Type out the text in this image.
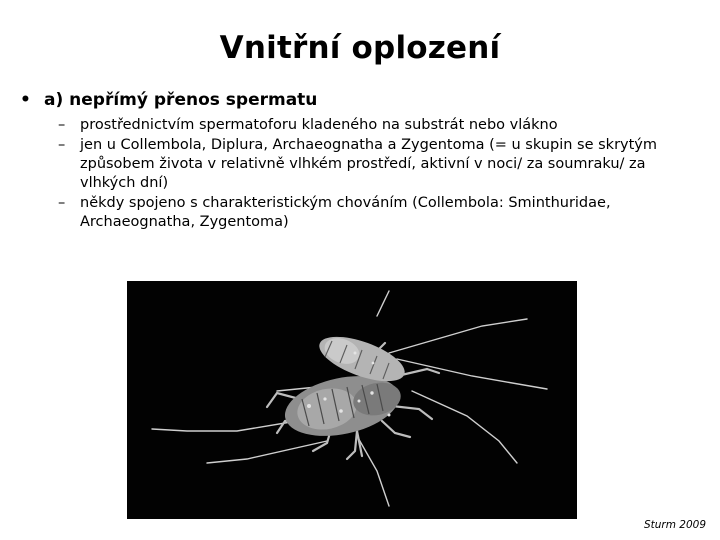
Vnitřní oplození
• a) nepřímý přenos spermatu
– prostřednictvím spermatoforu kladeného na substrát nebo vlákno
– jen u Collembola, Diplura, Archaeognatha a Zygentoma (= u skupin se skrytým způsobem života v relativně vlhkém prostředí, aktivní v noci/ za soumraku/ za vlhkých dní)
– někdy spojeno s charakteristickým chováním (Collembola: Sminthuridae, Archaeognatha, Zygentoma)
Sturm 2009
